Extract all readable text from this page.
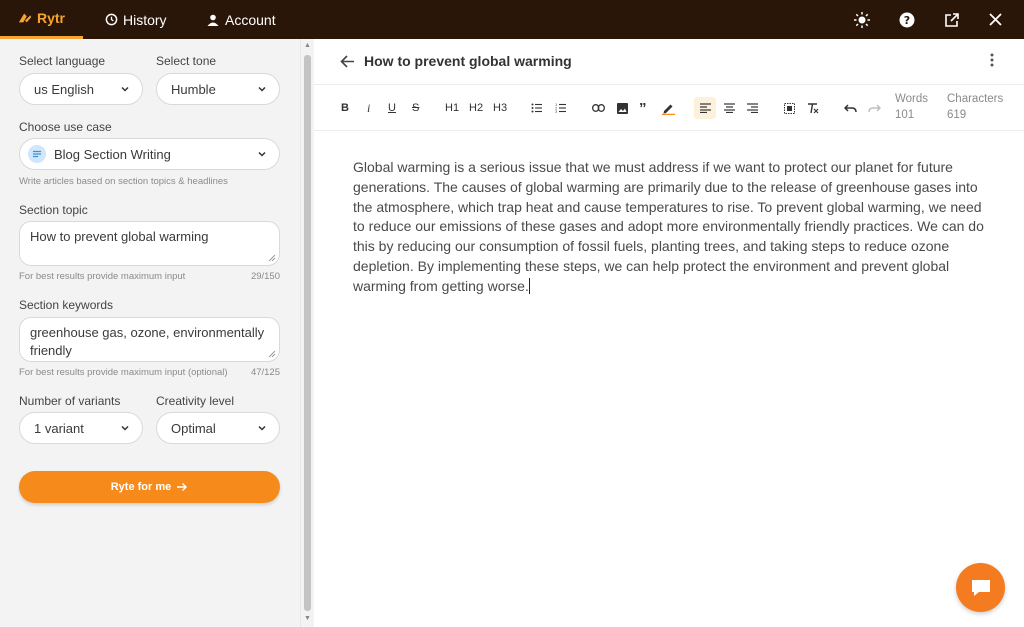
Rytr	History	Account	?
Select language
us English
Select tone
Humble
Choose use case
Blog Section Writing
Write articles based on section topics & headlines
Section topic
How to prevent global warming
For best results provide maximum input	29/150
Section keywords
greenhouse gas, ozone, environmentally friendly
For best results provide maximum input (optional)	47/125
Number of variants
1 variant
Creativity level
Optimal
Ryte for me
▲
▼
How to prevent global warming
B i U S H1 H2 H3	1
2
3	”
Words
101
Characters
619
Global warming is a serious issue that we must address if we want to protect our planet for future generations. The causes of global warming are primarily due to the release of greenhouse gases into the atmosphere, which trap heat and cause temperatures to rise. To prevent global warming, we need to reduce our emissions of these gases and adopt more environmentally friendly practices. We can do this by reducing our consumption of fossil fuels, planting trees, and taking steps to reduce ozone depletion. By implementing these steps, we can help protect the environment and prevent global warming from getting worse.
